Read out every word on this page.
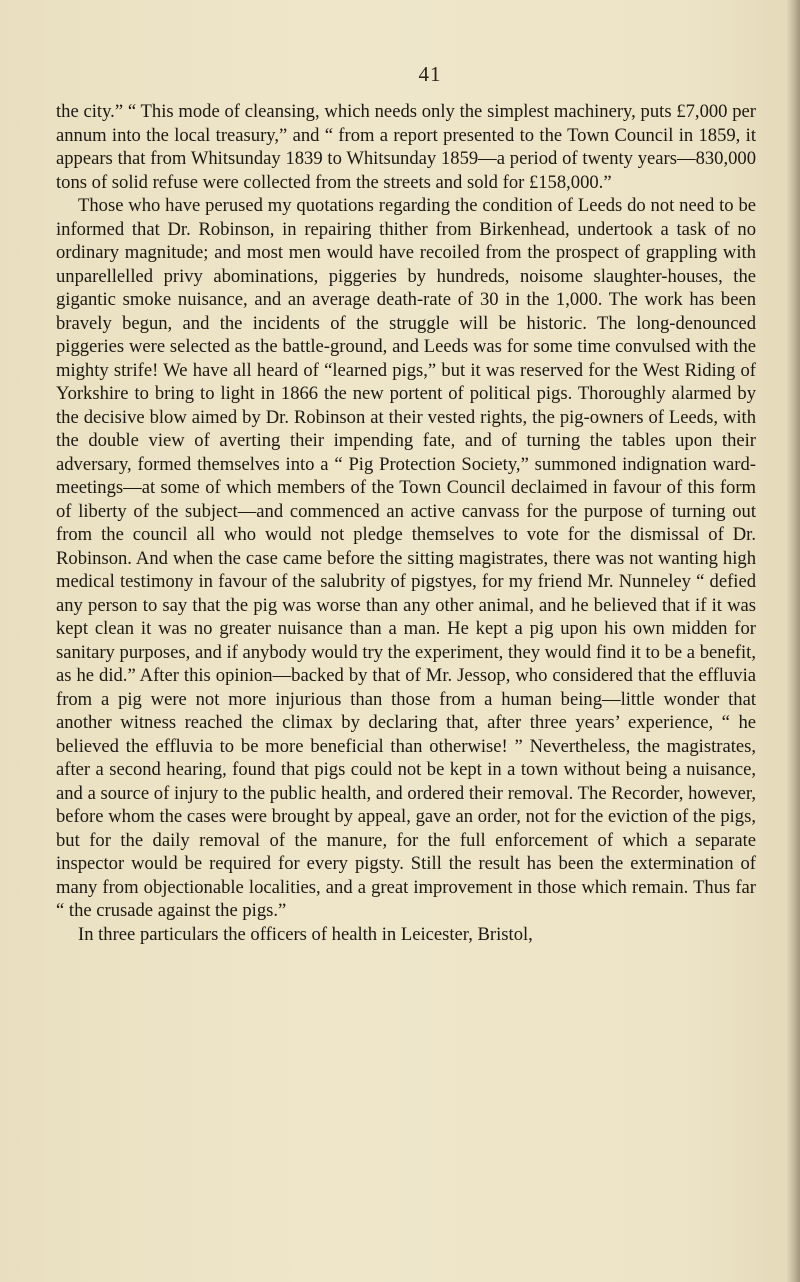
41

the city.” “ This mode of cleansing, which needs only the simplest machinery, puts £7,000 per annum into the local treasury,” and “ from a report presented to the Town Council in 1859, it appears that from Whitsunday 1839 to Whitsunday 1859—a period of twenty years—830,000 tons of solid refuse were collected from the streets and sold for £158,000.”

Those who have perused my quotations regarding the condition of Leeds do not need to be informed that Dr. Robinson, in repairing thither from Birkenhead, undertook a task of no ordinary magnitude; and most men would have recoiled from the prospect of grappling with unparellelled privy abominations, piggeries by hundreds, noisome slaughter-houses, the gigantic smoke nuisance, and an average death-rate of 30 in the 1,000. The work has been bravely begun, and the incidents of the struggle will be historic. The long-denounced piggeries were selected as the battle-ground, and Leeds was for some time convulsed with the mighty strife! We have all heard of “learned pigs,” but it was reserved for the West Riding of Yorkshire to bring to light in 1866 the new portent of political pigs. Thoroughly alarmed by the decisive blow aimed by Dr. Robinson at their vested rights, the pig-owners of Leeds, with the double view of averting their impending fate, and of turning the tables upon their adversary, formed themselves into a “ Pig Protection Society,” summoned indignation ward-meetings—at some of which members of the Town Council declaimed in favour of this form of liberty of the subject—and commenced an active canvass for the purpose of turning out from the council all who would not pledge themselves to vote for the dismissal of Dr. Robinson. And when the case came before the sitting magistrates, there was not wanting high medical testimony in favour of the salubrity of pigstyes, for my friend Mr. Nunneley “ defied any person to say that the pig was worse than any other animal, and he believed that if it was kept clean it was no greater nuisance than a man. He kept a pig upon his own midden for sanitary purposes, and if anybody would try the experiment, they would find it to be a benefit, as he did.” After this opinion—backed by that of Mr. Jessop, who considered that the effluvia from a pig were not more injurious than those from a human being—little wonder that another witness reached the climax by declaring that, after three years’ experience, “ he believed the effluvia to be more beneficial than otherwise! ” Nevertheless, the magistrates, after a second hearing, found that pigs could not be kept in a town without being a nuisance, and a source of injury to the public health, and ordered their removal. The Recorder, however, before whom the cases were brought by appeal, gave an order, not for the eviction of the pigs, but for the daily removal of the manure, for the full enforcement of which a separate inspector would be required for every pigsty. Still the result has been the extermination of many from objectionable localities, and a great improvement in those which remain. Thus far “ the crusade against the pigs.”

In three particulars the officers of health in Leicester, Bristol,
